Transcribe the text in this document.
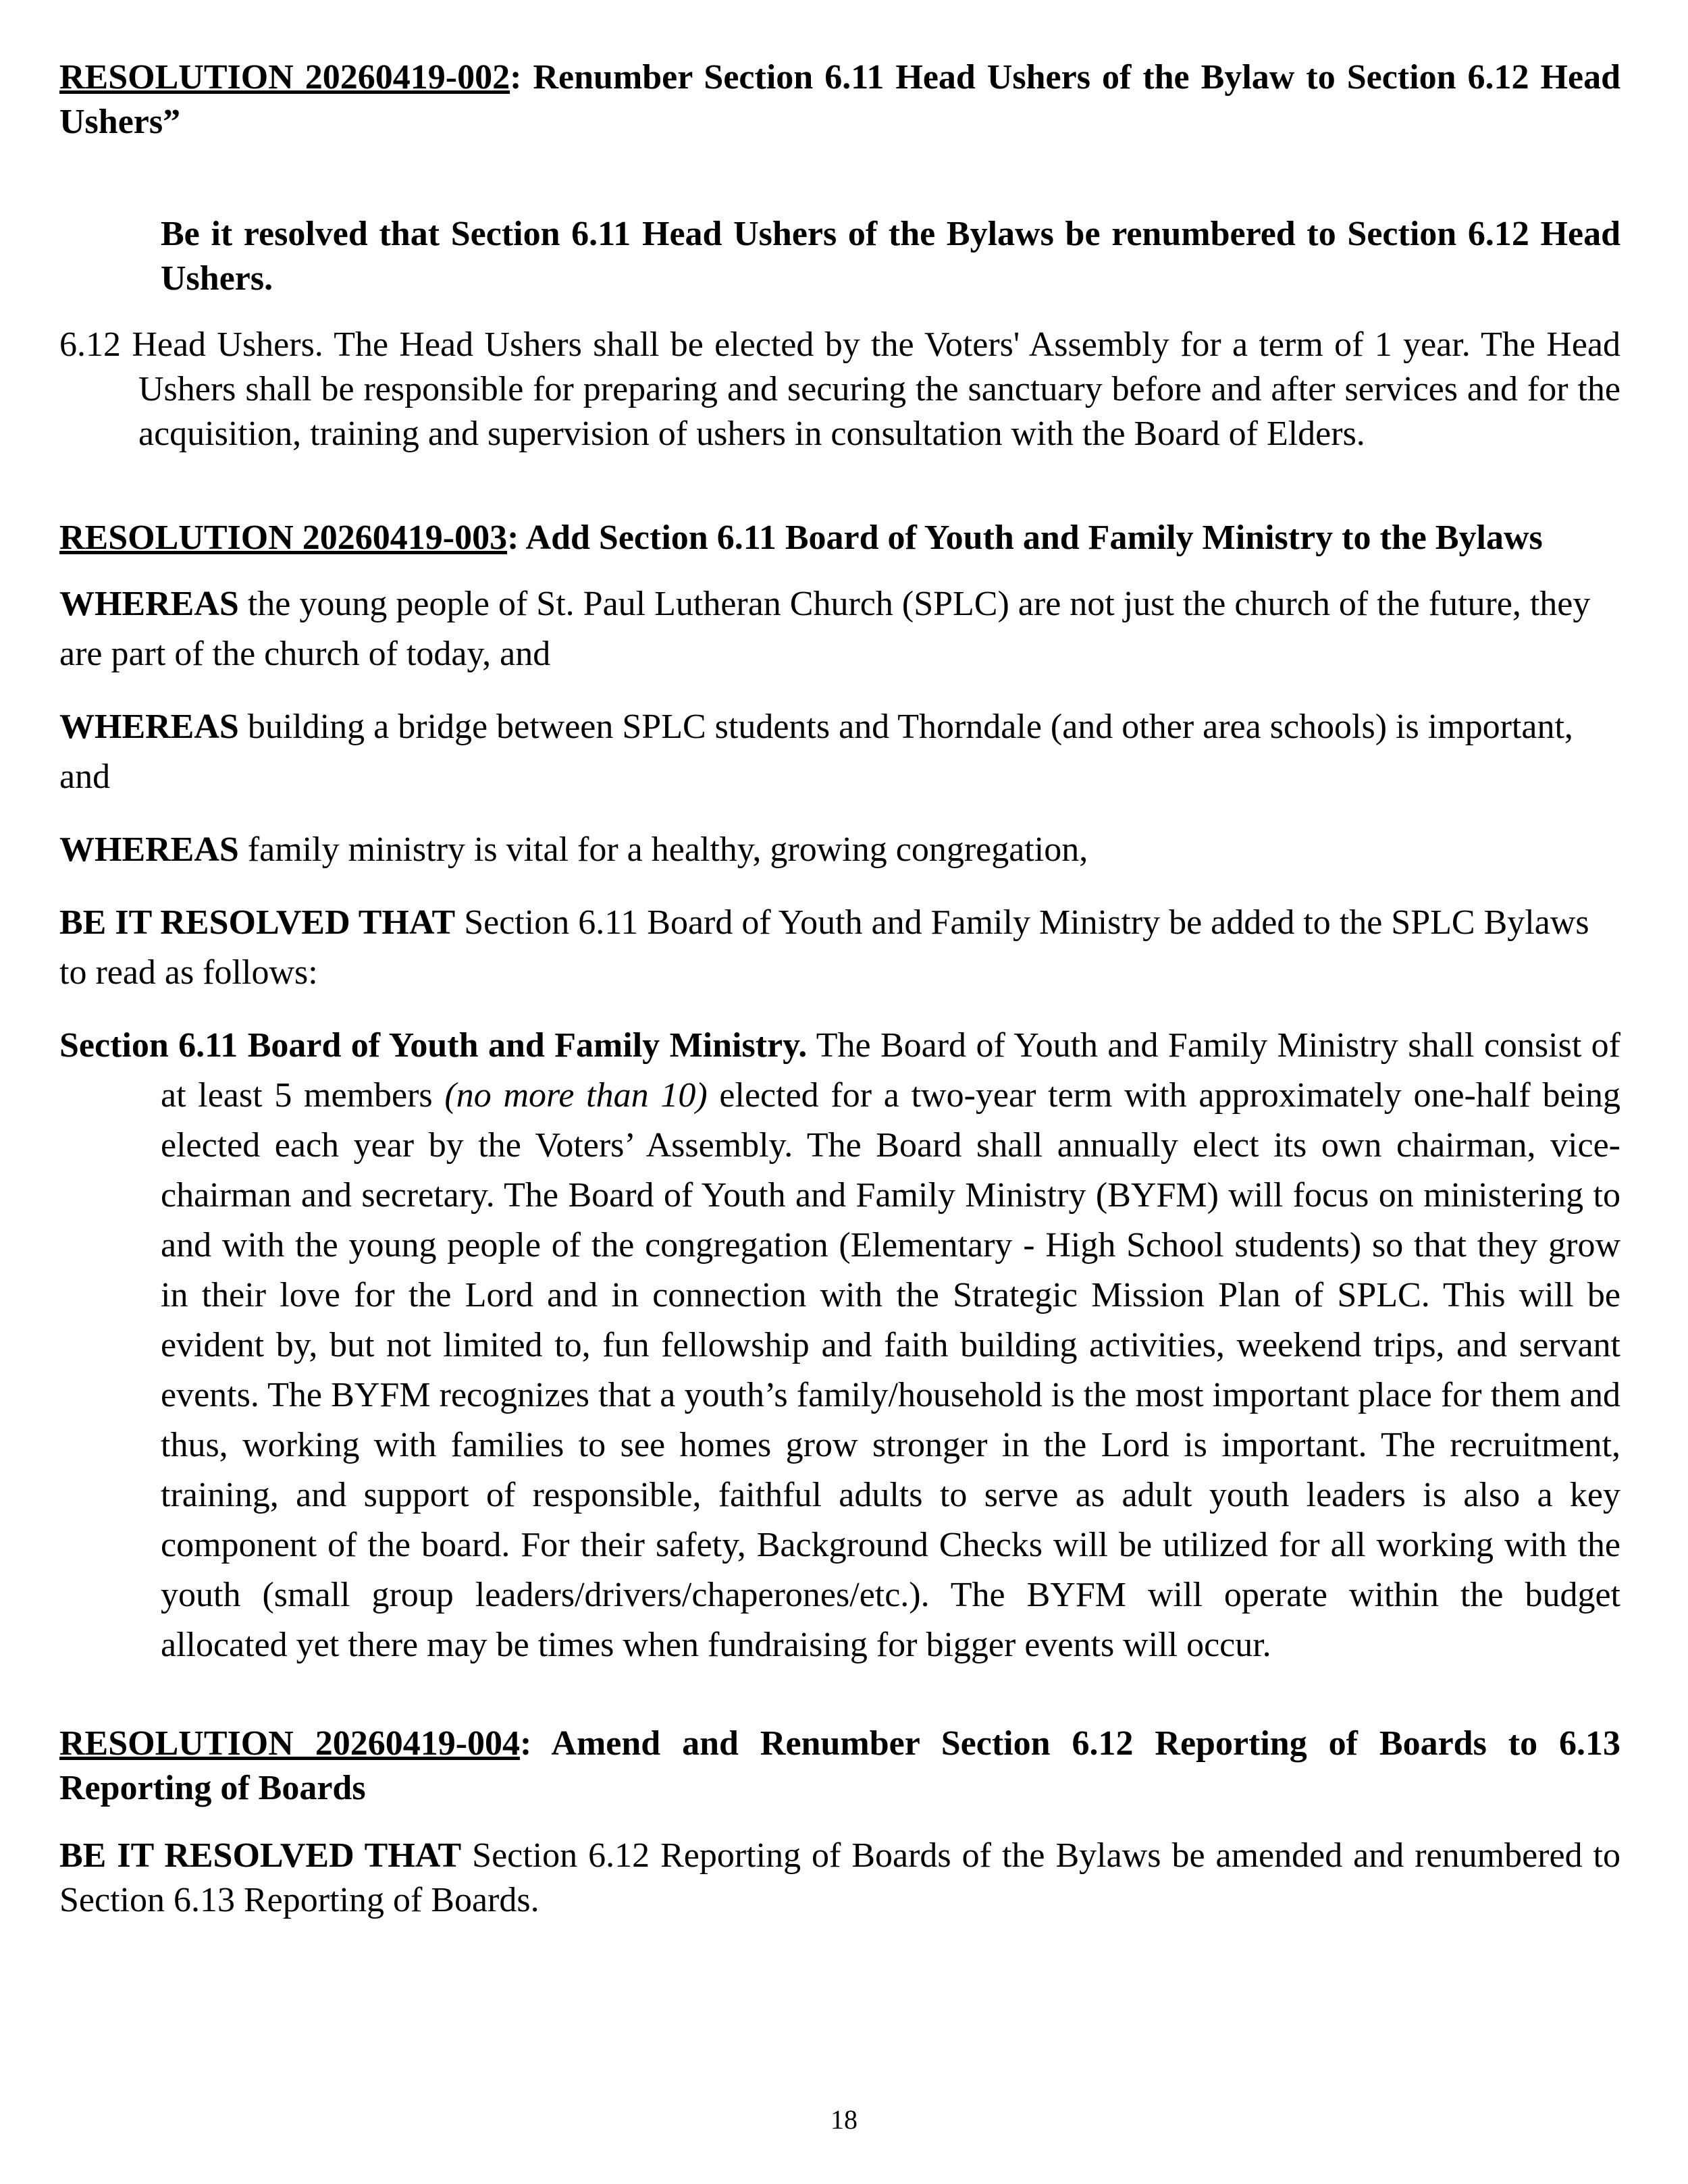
RESOLUTION 20260419-002: Renumber Section 6.11 Head Ushers of the Bylaw to Section 6.12 Head Ushers”

Be it resolved that Section 6.11 Head Ushers of the Bylaws be renumbered to Section 6.12 Head Ushers.

6.12 Head Ushers. The Head Ushers shall be elected by the Voters' Assembly for a term of 1 year. The Head Ushers shall be responsible for preparing and securing the sanctuary before and after services and for the acquisition, training and supervision of ushers in consultation with the Board of Elders.

RESOLUTION 20260419-003: Add Section 6.11 Board of Youth and Family Ministry to the Bylaws

WHEREAS the young people of St. Paul Lutheran Church (SPLC) are not just the church of the future, they are part of the church of today, and

WHEREAS building a bridge between SPLC students and Thorndale (and other area schools) is important, and

WHEREAS family ministry is vital for a healthy, growing congregation,

BE IT RESOLVED THAT Section 6.11 Board of Youth and Family Ministry be added to the SPLC Bylaws to read as follows:

Section 6.11 Board of Youth and Family Ministry. The Board of Youth and Family Ministry shall consist of at least 5 members (no more than 10) elected for a two-year term with approximately one-half being elected each year by the Voters’ Assembly. The Board shall annually elect its own chairman, vice-chairman and secretary. The Board of Youth and Family Ministry (BYFM) will focus on ministering to and with the young people of the congregation (Elementary - High School students) so that they grow in their love for the Lord and in connection with the Strategic Mission Plan of SPLC. This will be evident by, but not limited to, fun fellowship and faith building activities, weekend trips, and servant events. The BYFM recognizes that a youth’s family/household is the most important place for them and thus, working with families to see homes grow stronger in the Lord is important. The recruitment, training, and support of responsible, faithful adults to serve as adult youth leaders is also a key component of the board. For their safety, Background Checks will be utilized for all working with the youth (small group leaders/drivers/chaperones/etc.). The BYFM will operate within the budget allocated yet there may be times when fundraising for bigger events will occur.

RESOLUTION 20260419-004: Amend and Renumber Section 6.12 Reporting of Boards to 6.13 Reporting of Boards

BE IT RESOLVED THAT Section 6.12 Reporting of Boards of the Bylaws be amended and renumbered to Section 6.13 Reporting of Boards.

18
